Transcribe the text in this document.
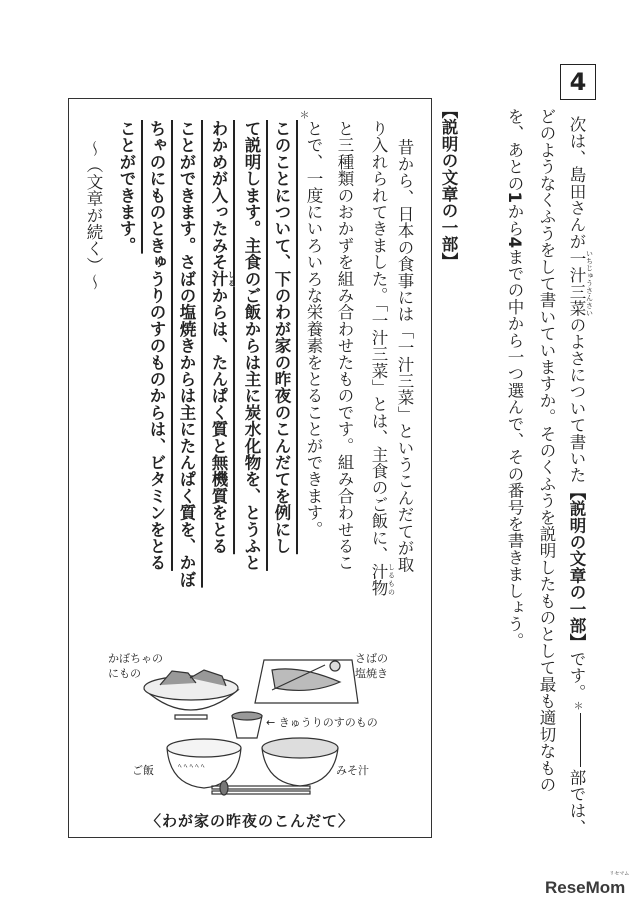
4
次は、島田さんが一汁三菜 いちじゅうさんさいのよさについて書いた【説明の文章の一部】です。＊部では、
どのようなくふうをして書いていますか。そのくふうを説明したものとして最も適切なもの
を、あとの1から4までの中から一つ選んで、その番号を書きましょう。
【説明の文章の一部】
　昔から、日本の食事には「一汁三菜」というこんだてが取
り入れられてきました。「一汁三菜」とは、主食のご飯に、汁物 しるもの
と三種類のおかずを組み合わせたものです。組み合わせるこ
とで、一度にいろいろな栄養素をとることができます。
＊
このことについて、下のわが家の昨夜のこんだてを例にし
て説明します。主食のご飯からは主に炭水化物を、とうふと
わかめが入ったみそ汁 しるからは、たんぱく質と無機質をとる
ことができます。さばの塩焼きからは主にたんぱく質を、かぼ
ちゃのにものときゅうりのすのものからは、ビタミンをとる
ことができます。
〜（文章が続く）〜
ﾍ ﾍ ﾍ ﾍ ﾍ
かぼちゃの
にもの
さばの
塩焼き
← きゅうりのすのもの
ご飯	みそ汁
〈わが家の昨夜のこんだて〉
ReseMom
リセマム
